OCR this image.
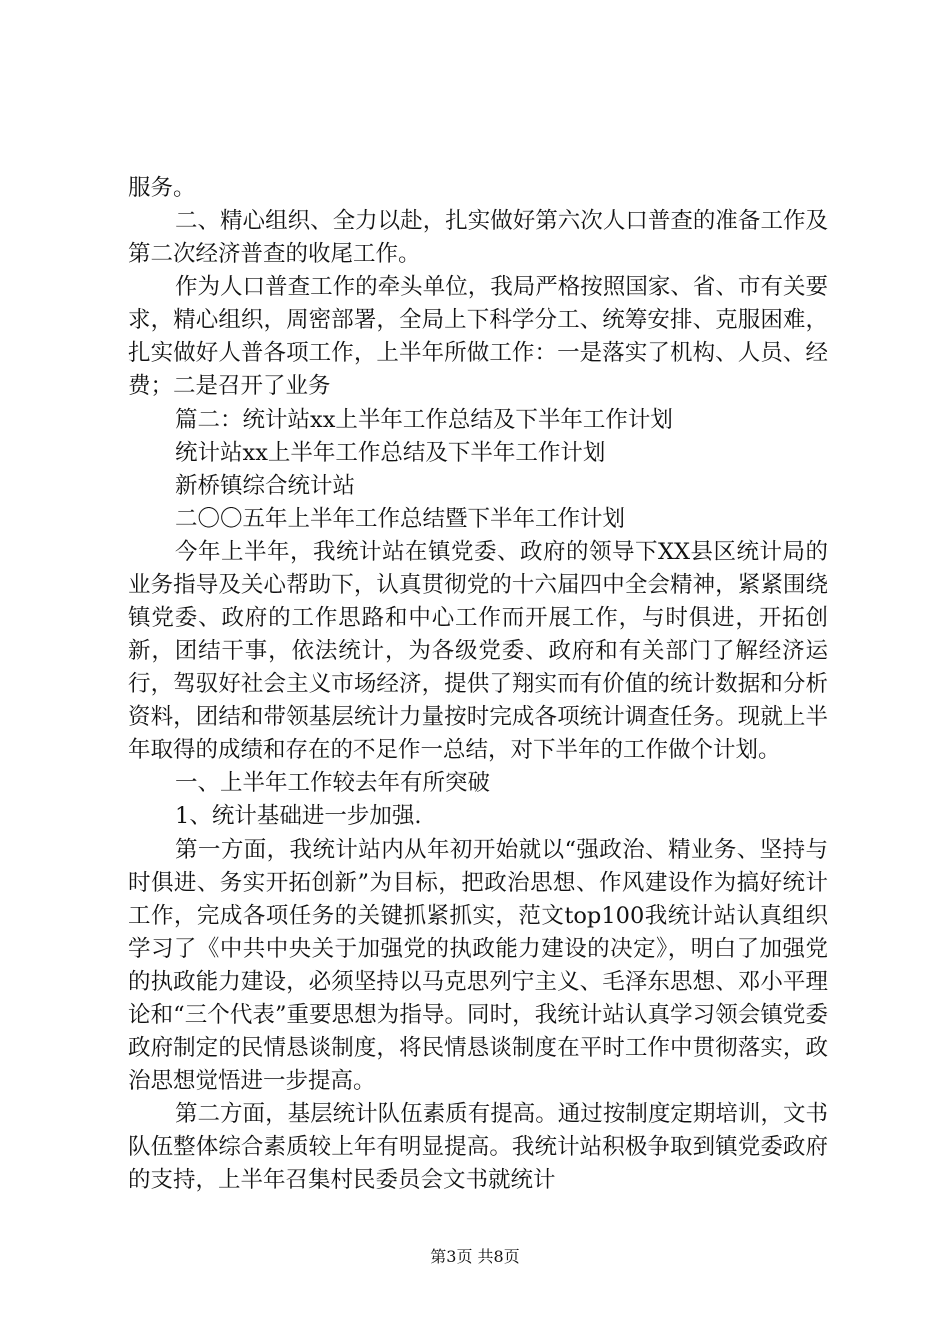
服务。

二、精心组织、全力以赴，扎实做好第六次人口普查的准备工作及第二次经济普查的收尾工作。

作为人口普查工作的牵头单位，我局严格按照国家、省、市有关要求，精心组织，周密部署，全局上下科学分工、统筹安排、克服困难，扎实做好人普各项工作，上半年所做工作：一是落实了机构、人员、经费；二是召开了业务

篇二：统计站xx上半年工作总结及下半年工作计划

统计站xx上半年工作总结及下半年工作计划

新桥镇综合统计站

二〇〇五年上半年工作总结暨下半年工作计划

今年上半年，我统计站在镇党委、政府的领导下XX县区统计局的业务指导及关心帮助下，认真贯彻党的十六届四中全会精神，紧紧围绕镇党委、政府的工作思路和中心工作而开展工作，与时俱进，开拓创新，团结干事，依法统计，为各级党委、政府和有关部门了解经济运行，驾驭好社会主义市场经济，提供了翔实而有价值的统计数据和分析资料，团结和带领基层统计力量按时完成各项统计调查任务。现就上半年取得的成绩和存在的不足作一总结，对下半年的工作做个计划。

一、上半年工作较去年有所突破

1、统计基础进一步加强.

第一方面，我统计站内从年初开始就以“强政治、精业务、坚持与时俱进、务实开拓创新”为目标，把政治思想、作风建设作为搞好统计工作，完成各项任务的关键抓紧抓实，范文top100我统计站认真组织学习了《中共中央关于加强党的执政能力建设的决定》，明白了加强党的执政能力建设，必须坚持以马克思列宁主义、毛泽东思想、邓小平理论和“三个代表”重要思想为指导。同时，我统计站认真学习领会镇党委政府制定的民情恳谈制度，将民情恳谈制度在平时工作中贯彻落实，政治思想觉悟进一步提高。

第二方面，基层统计队伍素质有提高。通过按制度定期培训，文书队伍整体综合素质较上年有明显提高。我统计站积极争取到镇党委政府的支持，上半年召集村民委员会文书就统计

第3页 共8页
